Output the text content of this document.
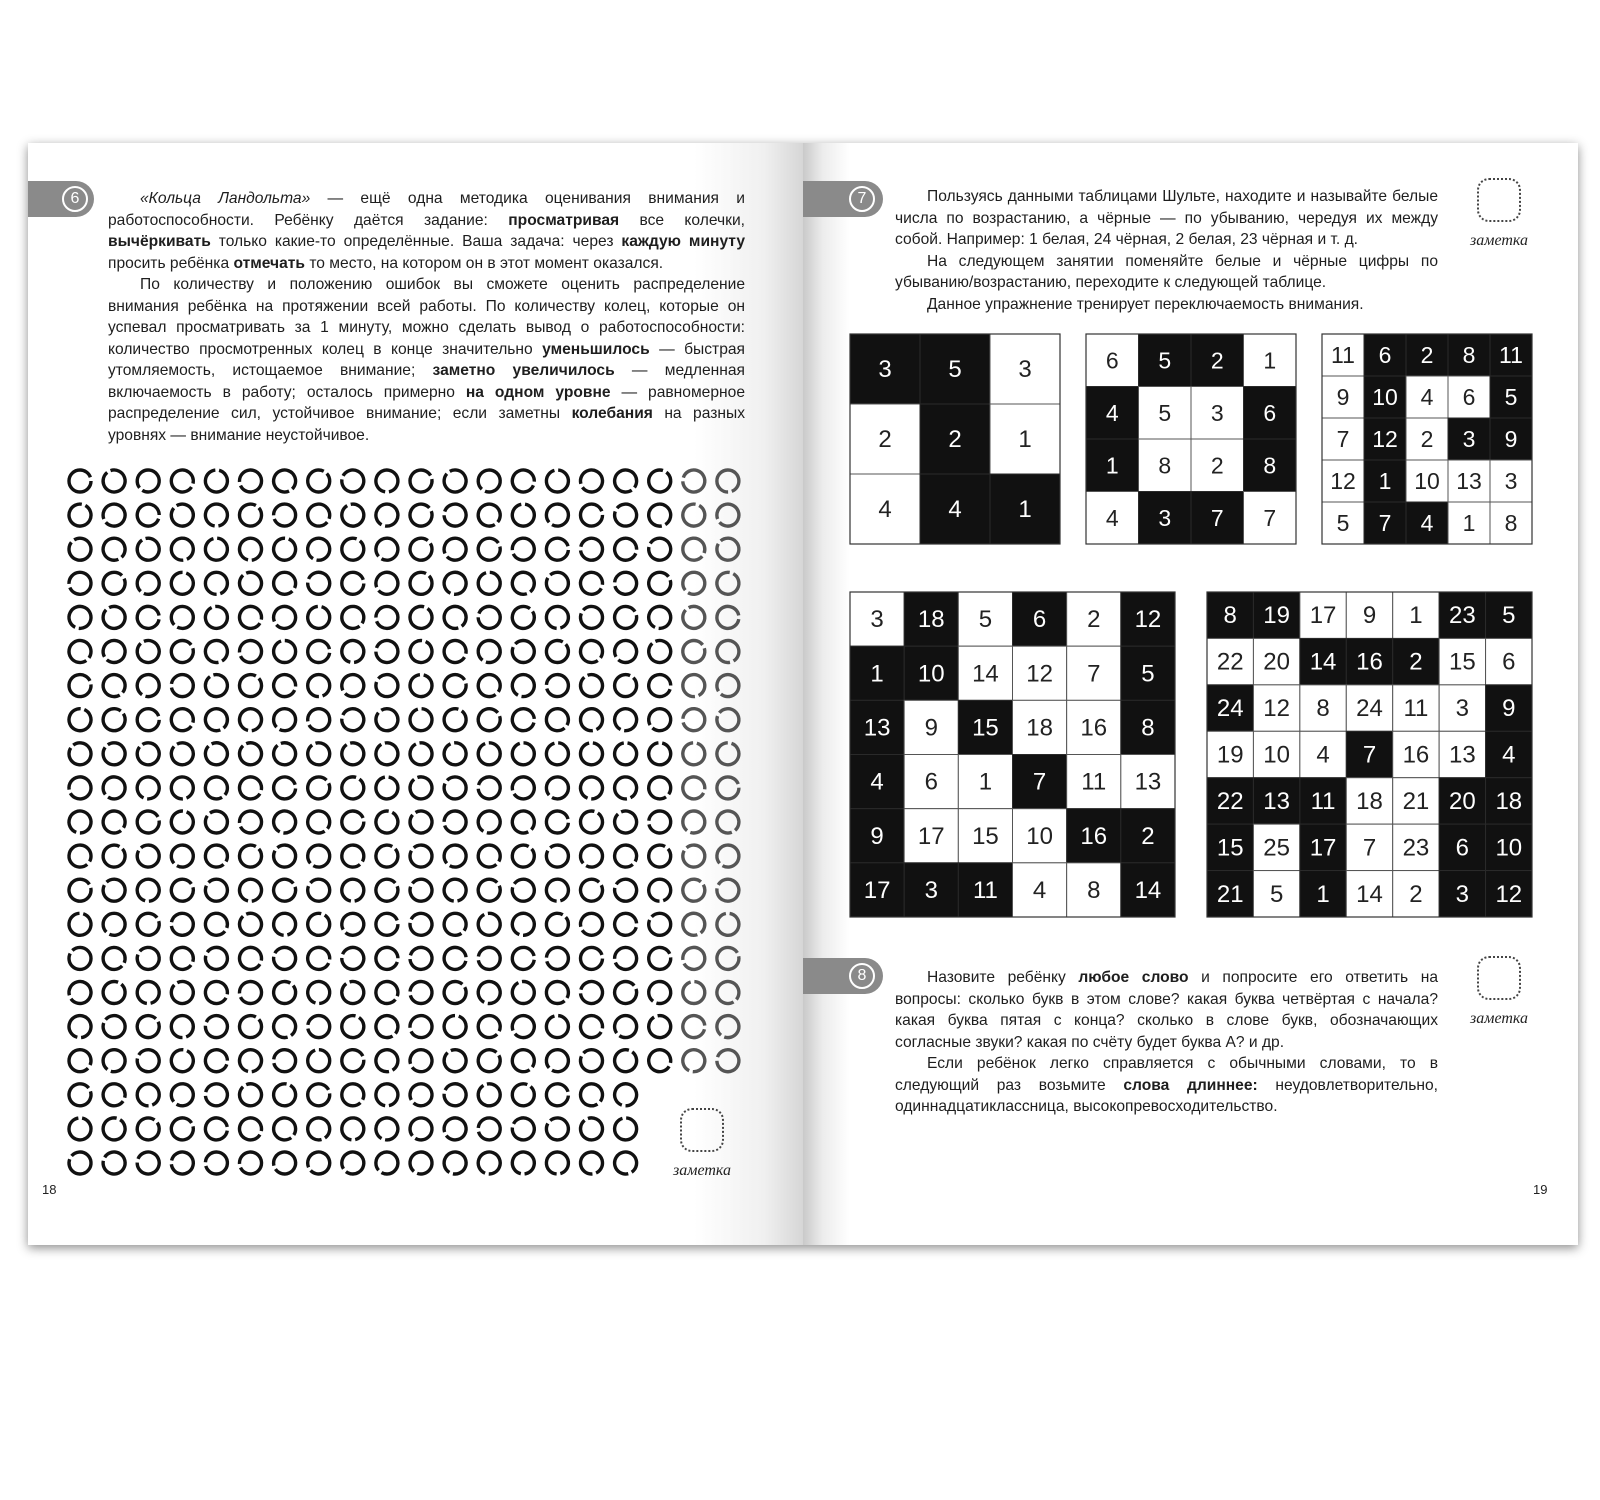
6	«Кольца Ландольта» — ещё одна методика оценивания внимания и работоспособности. Ребёнку даётся задание: просматривая все колечки, вычёркивать только какие-то определённые. Ваша задача: через каждую минуту просить ребёнка отмечать то место, на котором он в этот момент оказался.

По количеству и положению ошибок вы сможете оценить распределение внимания ребёнка на протяжении всей работы. По количеству колец, которые он успевал просматривать за 1 минуту, можно сделать вывод о работоспособности: количество просмотренных колец в конце значительно уменьшилось — быстрая утомляемость, истощаемое внимание; заметно увеличилось — медленная включаемость в работу; осталось примерно на одном уровне — равномерное распределение сил, устойчивое внимание; если заметны колебания на разных уровнях — внимание неустойчивое.

заметка
18
7	Пользуясь данными таблицами Шульте, находите и называйте белые числа по возрастанию, а чёрные — по убыванию, чередуя их между собой. Например: 1 белая, 24 чёрная, 2 белая, 23 чёрная и т. д.

На следующем занятии поменяйте белые и чёрные цифры по убыванию/возрастанию, переходите к следующей таблице.

Данное упражнение тренирует переключаемость внимания.

заметка
3 5 3
2 2 1
4 4 1
6 5 2 1
4 5 3 6
1 8 2 8
4 3 7 7
11 6 2 8 11
9 10 4 6 5
7 12 2 3 9
12 1 10 13 3
5 7 4 1 8
3 18 5 6 2 12
1 10 14 12 7 5
13 9 15 18 16 8
4 6 1 7 11 13
9 17 15 10 16 2
17 3 11 4 8 14
8 19 17 9 1 23 5
22 20 14 16 2 15 6
24 12 8 24 11 3 9
19 10 4 7 16 13 4
22 13 11 18 21 20 18
15 25 17 7 23 6 10
21 5 1 14 2 3 12
8	Назовите ребёнку любое слово и попросите его ответить на вопросы: сколько букв в этом слове? какая буква четвёртая с начала? какая буква пятая с конца? сколько в слове букв, обозначающих согласные звуки? какая по счёту будет буква А? и др.

Если ребёнок легко справляется с обычными словами, то в следующий раз возьмите слова длиннее: неудовлетворительно, одиннадцатиклассница, высокопревосходительство.

заметка
19
